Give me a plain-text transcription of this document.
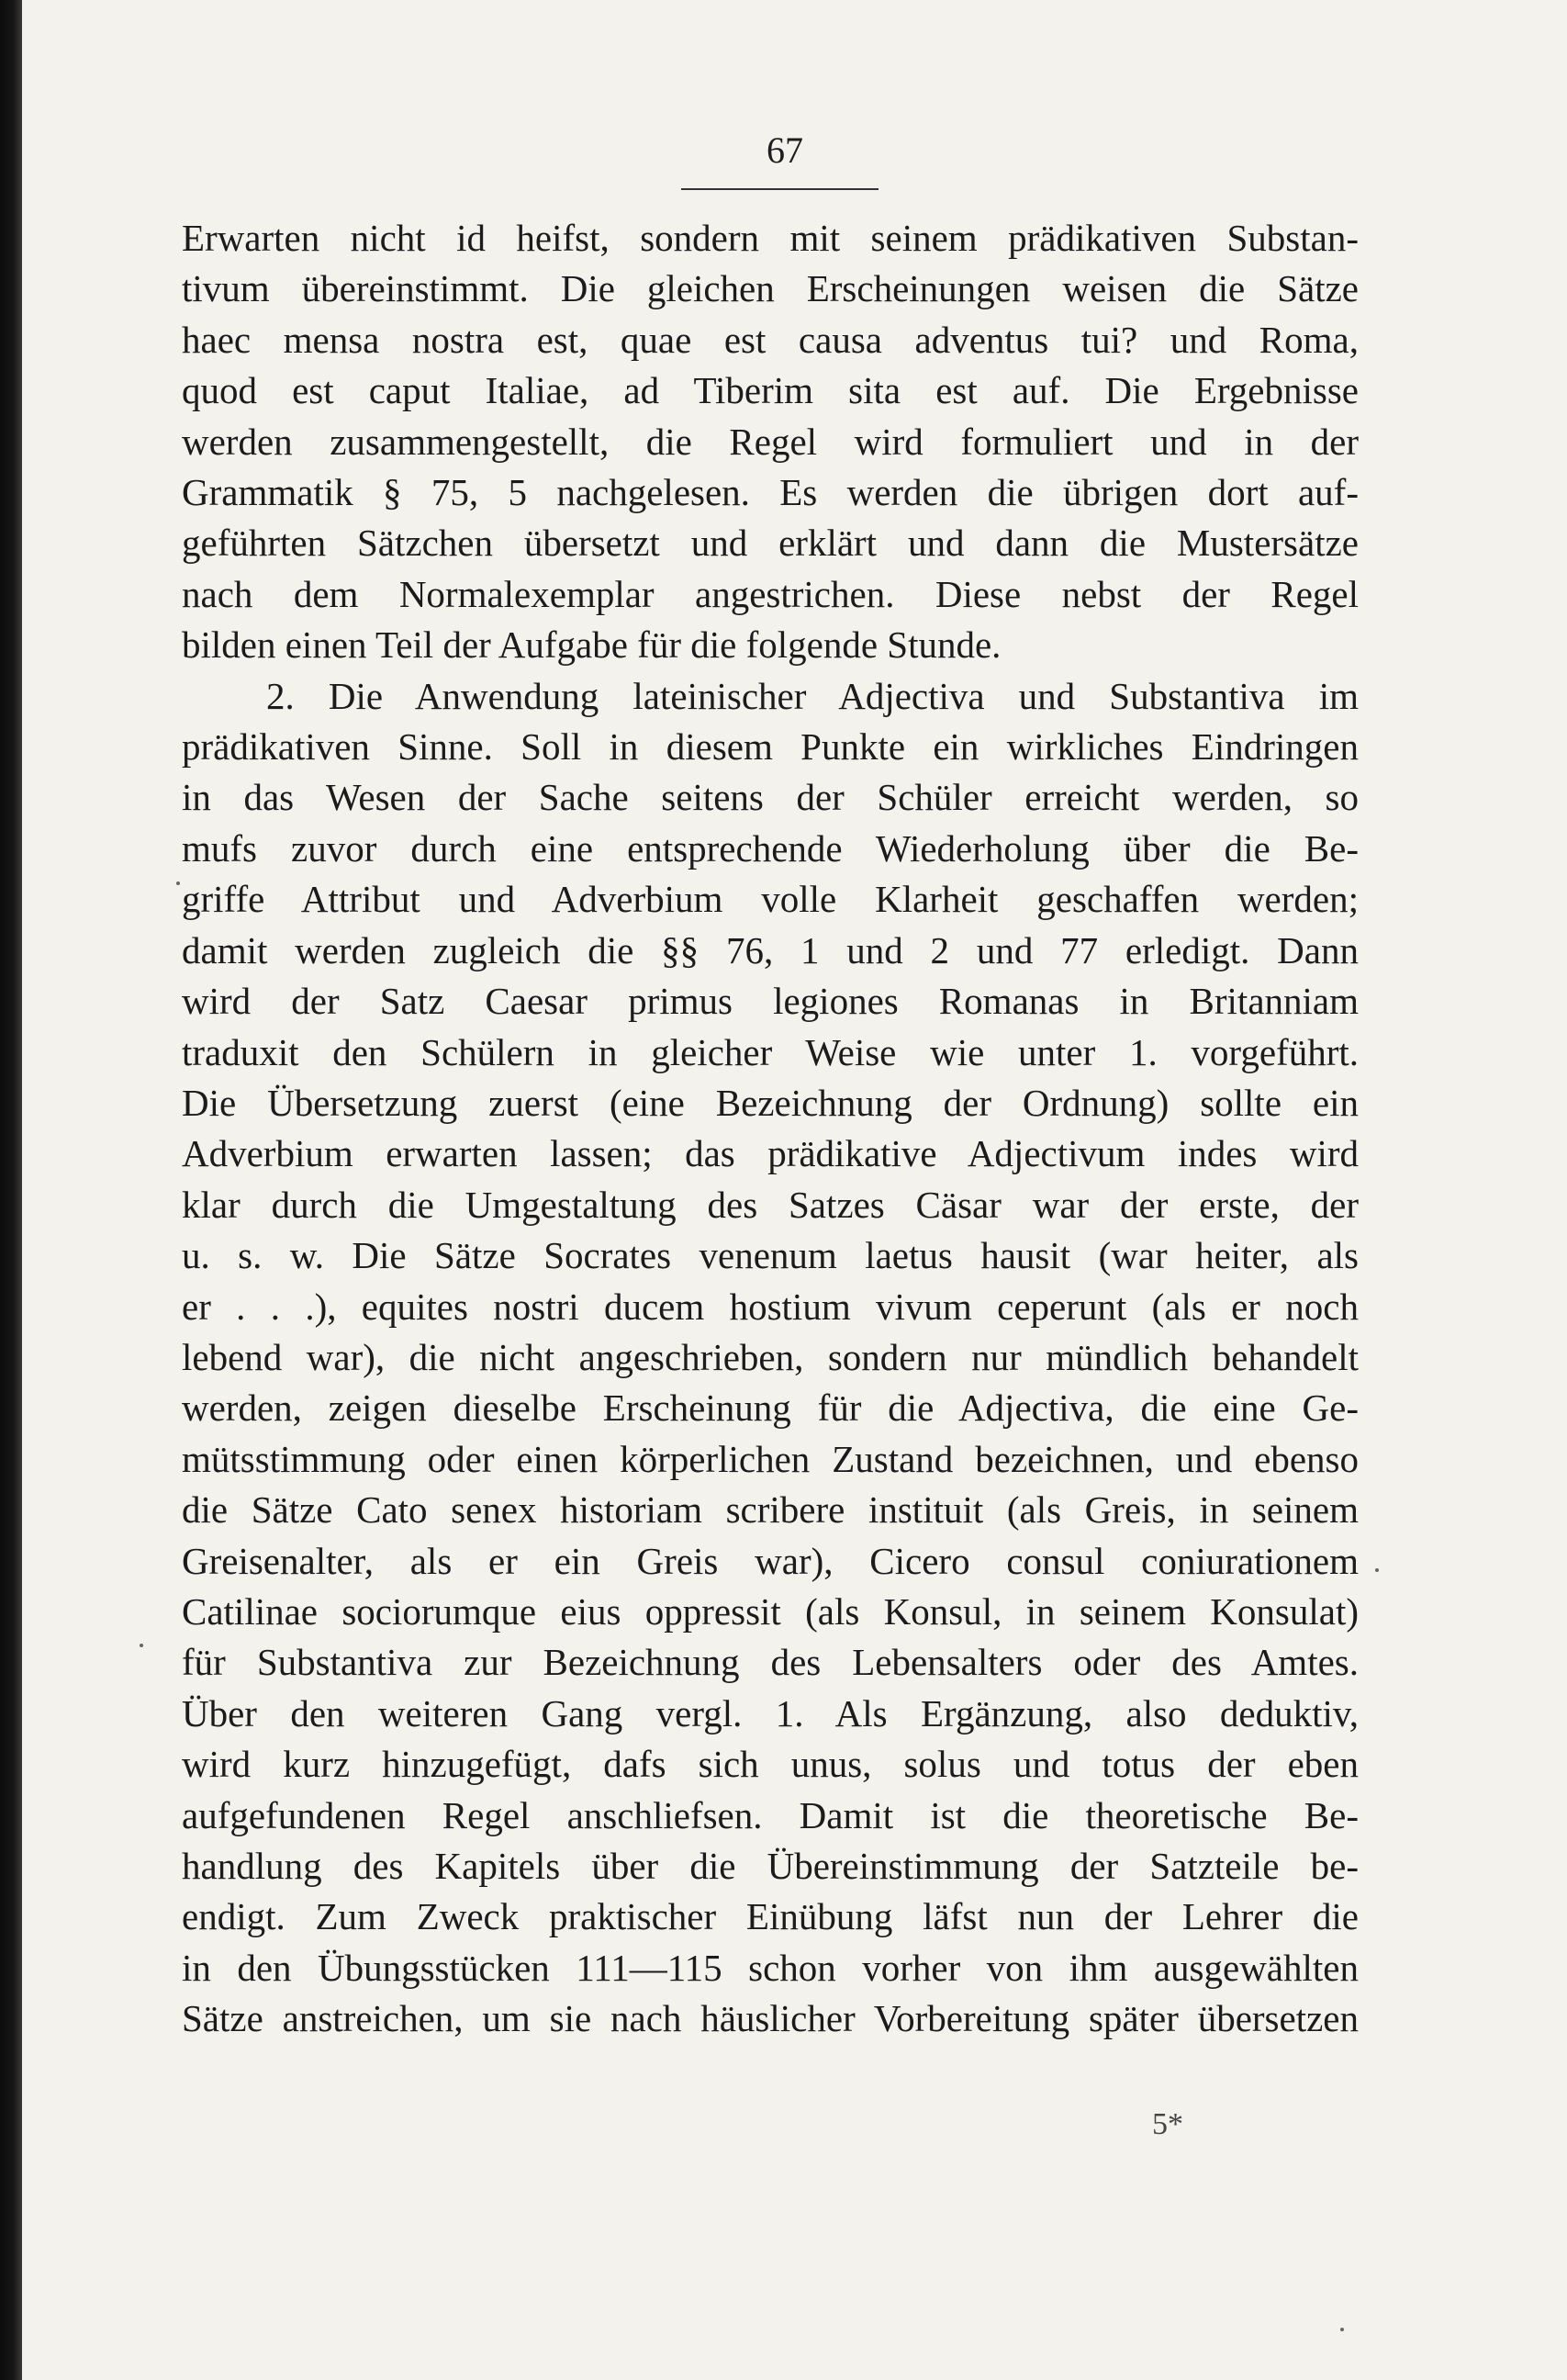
67
Erwarten nicht id heifst, sondern mit seinem prädikativen Substan-
tivum übereinstimmt. Die gleichen Erscheinungen weisen die Sätze
haec mensa nostra est, quae est causa adventus tui? und Roma,
quod est caput Italiae, ad Tiberim sita est auf. Die Ergebnisse
werden zusammengestellt, die Regel wird formuliert und in der
Grammatik § 75, 5 nachgelesen. Es werden die übrigen dort auf-
geführten Sätzchen übersetzt und erklärt und dann die Mustersätze
nach dem Normalexemplar angestrichen. Diese nebst der Regel
bilden einen Teil der Aufgabe für die folgende Stunde.
2. Die Anwendung lateinischer Adjectiva und Substantiva im
prädikativen Sinne. Soll in diesem Punkte ein wirkliches Eindringen
in das Wesen der Sache seitens der Schüler erreicht werden, so
mufs zuvor durch eine entsprechende Wiederholung über die Be-
griffe Attribut und Adverbium volle Klarheit geschaffen werden;
damit werden zugleich die §§ 76, 1 und 2 und 77 erledigt. Dann
wird der Satz Caesar primus legiones Romanas in Britanniam
traduxit den Schülern in gleicher Weise wie unter 1. vorgeführt.
Die Übersetzung zuerst (eine Bezeichnung der Ordnung) sollte ein
Adverbium erwarten lassen; das prädikative Adjectivum indes wird
klar durch die Umgestaltung des Satzes Cäsar war der erste, der
u. s. w. Die Sätze Socrates venenum laetus hausit (war heiter, als
er . . .), equites nostri ducem hostium vivum ceperunt (als er noch
lebend war), die nicht angeschrieben, sondern nur mündlich behandelt
werden, zeigen dieselbe Erscheinung für die Adjectiva, die eine Ge-
mütsstimmung oder einen körperlichen Zustand bezeichnen, und ebenso
die Sätze Cato senex historiam scribere instituit (als Greis, in seinem
Greisenalter, als er ein Greis war), Cicero consul coniurationem
Catilinae sociorumque eius oppressit (als Konsul, in seinem Konsulat)
für Substantiva zur Bezeichnung des Lebensalters oder des Amtes.
Über den weiteren Gang vergl. 1. Als Ergänzung, also deduktiv,
wird kurz hinzugefügt, dafs sich unus, solus und totus der eben
aufgefundenen Regel anschliefsen. Damit ist die theoretische Be-
handlung des Kapitels über die Übereinstimmung der Satzteile be-
endigt. Zum Zweck praktischer Einübung läfst nun der Lehrer die
in den Übungsstücken 111—115 schon vorher von ihm ausgewählten
Sätze anstreichen, um sie nach häuslicher Vorbereitung später übersetzen
5*
